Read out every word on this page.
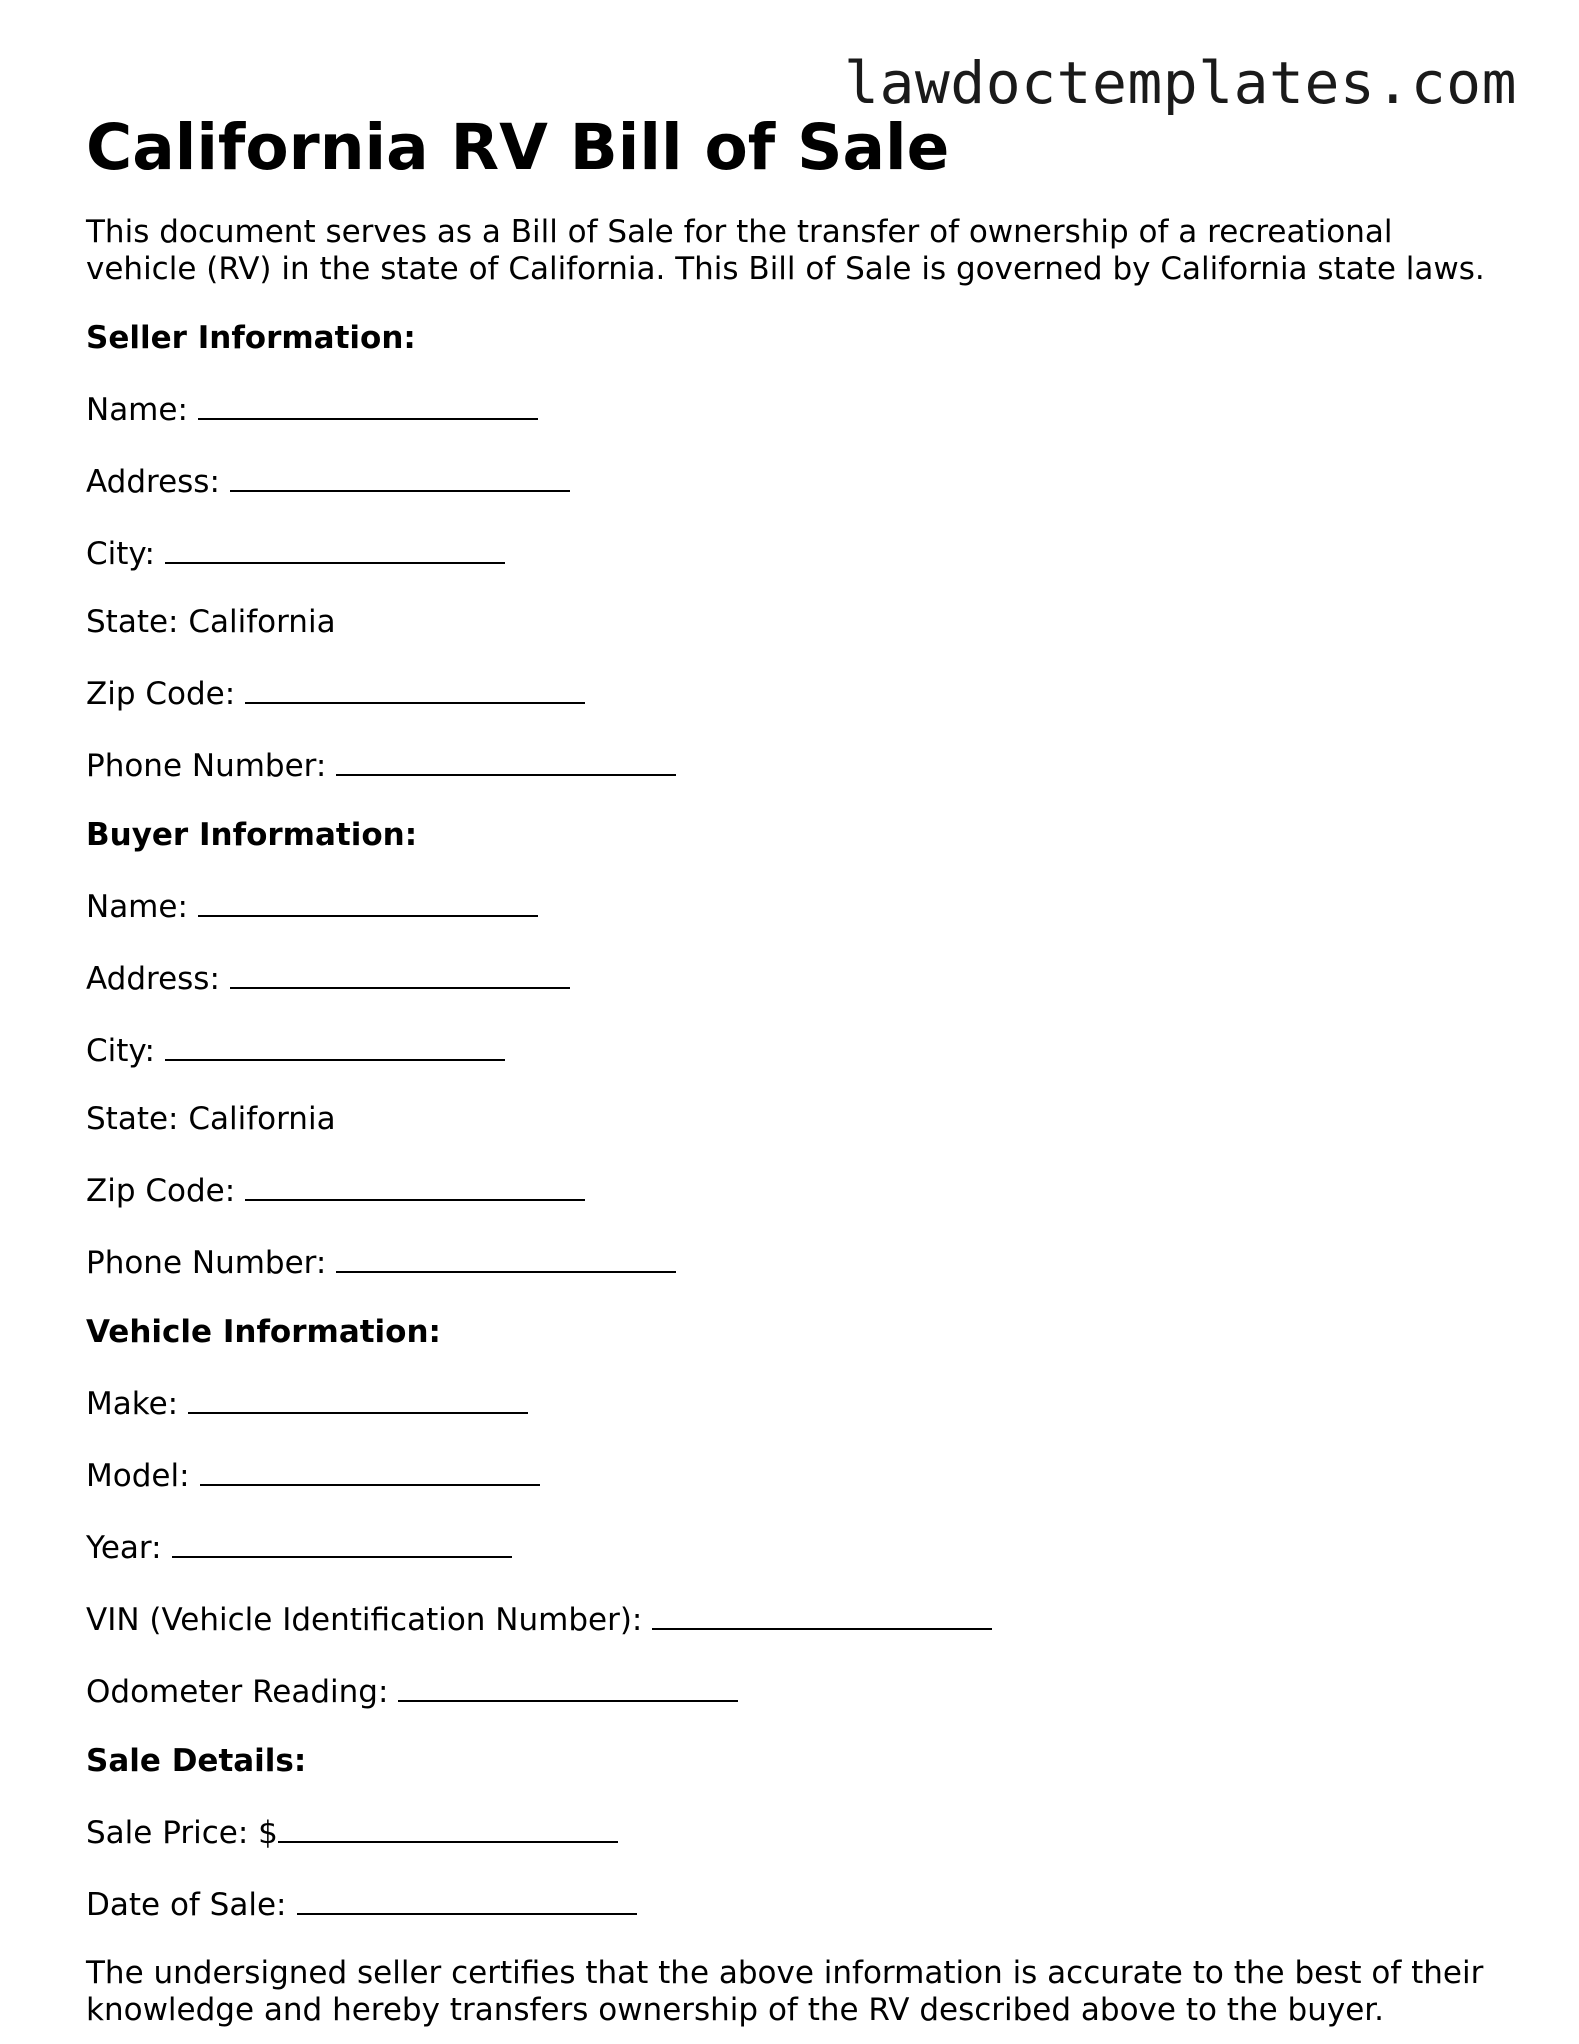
lawdoctemplates.com
California RV Bill of Sale

This document serves as a Bill of Sale for the transfer of ownership of a recreational vehicle (RV) in the state of California. This Bill of Sale is governed by California state laws.

Seller Information:
Name:
Address:
City:
State: California
Zip Code:
Phone Number:
Buyer Information:
Name:
Address:
City:
State: California
Zip Code:
Phone Number:
Vehicle Information:
Make:
Model:
Year:
VIN (Vehicle Identification Number):
Odometer Reading:
Sale Details:
Sale Price: $
Date of Sale:

The undersigned seller certifies that the above information is accurate to the best of their knowledge and hereby transfers ownership of the RV described above to the buyer.
